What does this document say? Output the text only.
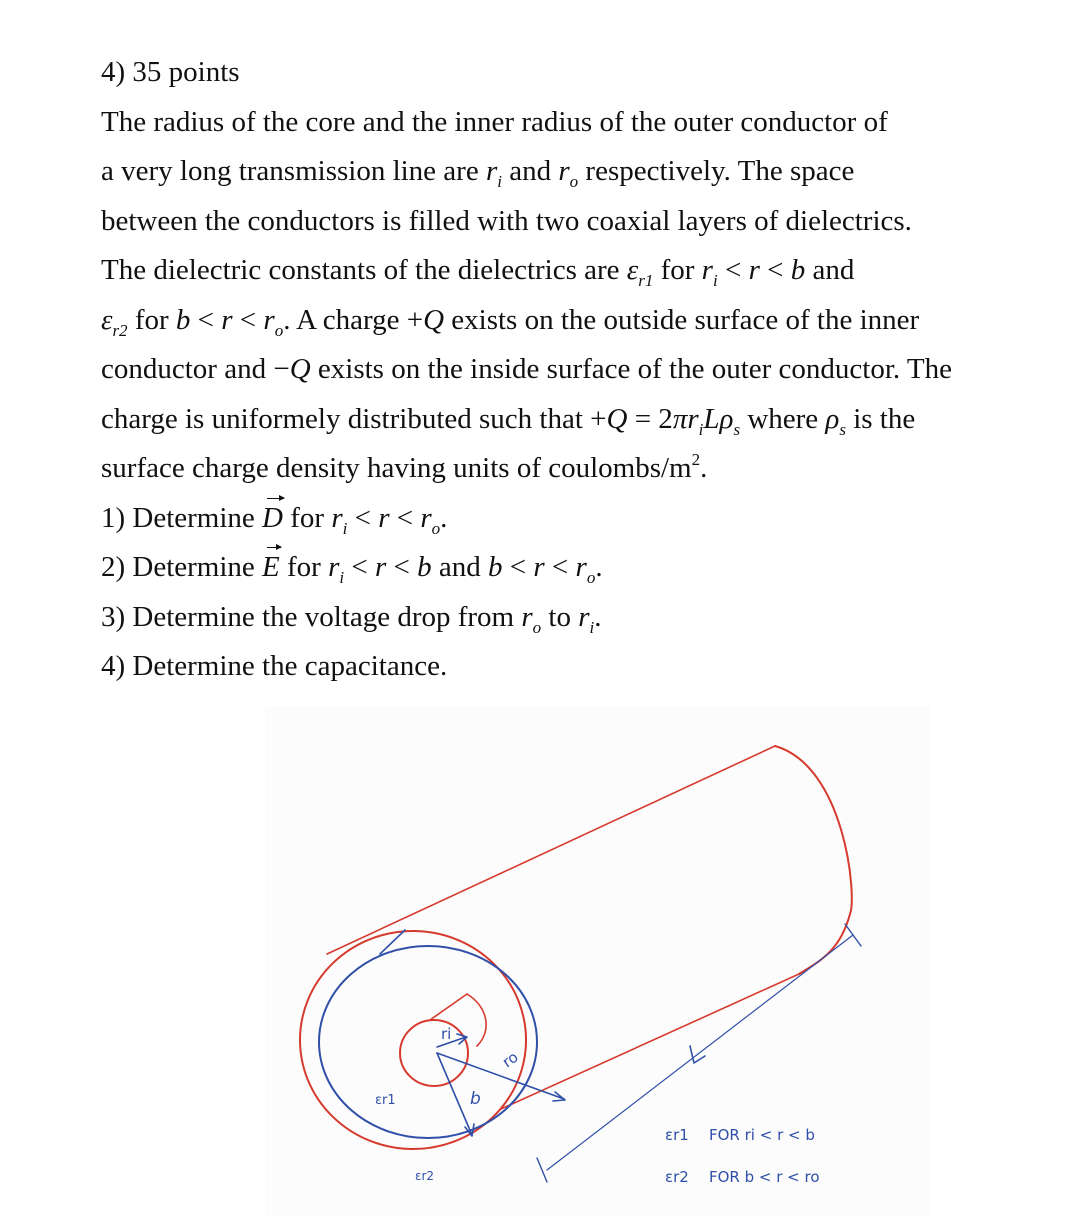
4) 35 points
The radius of the core and the inner radius of the outer conductor of
a very long transmission line are $r_i$ and $r_o$ respectively. The space
between the conductors is filled with two coaxial layers of dielectrics.
The dielectric constants of the dielectrics are $\varepsilon_{r1}$ for $r_i < r < b$ and
$\varepsilon_{r2}$ for $b < r < r_o$. A charge +Q exists on the outside surface of the inner
conductor and −Q exists on the inside surface of the outer conductor. The
charge is uniformely distributed such that $+Q = 2\pi r_iL\rho_s$ where $\rho_s$ is the
surface charge density having units of coulombs/$m^2$.
1) Determine D for $r_i < r < r_o$.
2) Determine E for $r_i < r < b$ and $b < r < r_o$.
3) Determine the voltage drop from $r_o$ to $r_i$.
4) Determine the capacitance.
ri
ro
b
εr1
εr2
L
εr1 FOR ri < r < b
εr2 FOR b < r < ro
